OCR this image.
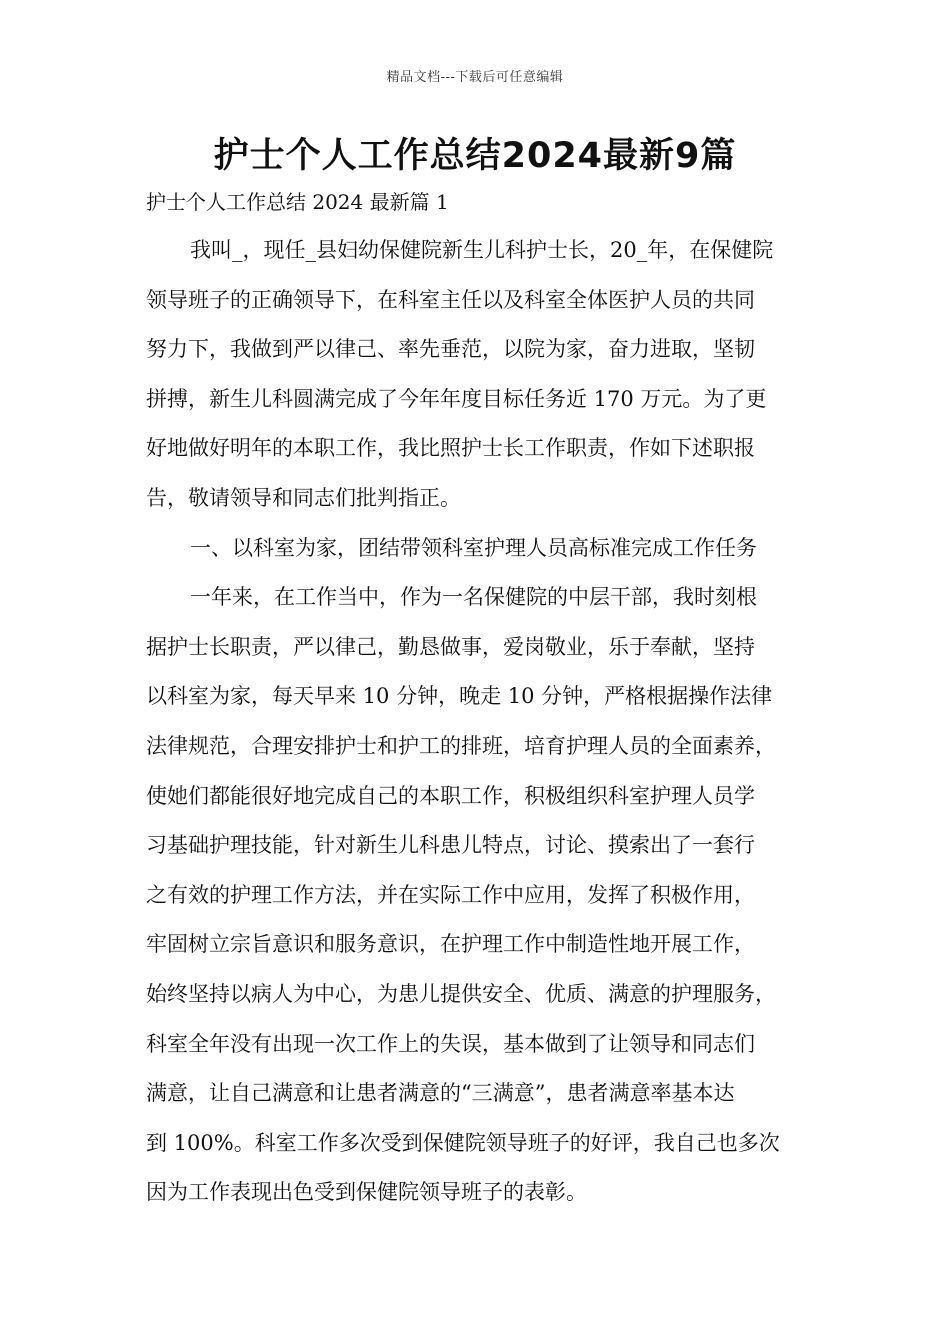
精品文档---下载后可任意编辑
护士个人工作总结2024最新9篇
护士个人工作总结 2024 最新篇 1
我叫_，现任_县妇幼保健院新生儿科护士长，20_年，在保健院
领导班子的正确领导下，在科室主任以及科室全体医护人员的共同
努力下，我做到严以律己、率先垂范，以院为家，奋力进取，坚韧
拼搏，新生儿科圆满完成了今年年度目标任务近 170 万元。为了更
好地做好明年的本职工作，我比照护士长工作职责，作如下述职报
告，敬请领导和同志们批判指正。
一、以科室为家，团结带领科室护理人员高标准完成工作任务
一年来，在工作当中，作为一名保健院的中层干部，我时刻根
据护士长职责，严以律己，勤恳做事，爱岗敬业，乐于奉献，坚持
以科室为家，每天早来 10 分钟，晚走 10 分钟，严格根据操作法律
法律规范，合理安排护士和护工的排班，培育护理人员的全面素养，
使她们都能很好地完成自己的本职工作，积极组织科室护理人员学
习基础护理技能，针对新生儿科患儿特点，讨论、摸索出了一套行
之有效的护理工作方法，并在实际工作中应用，发挥了积极作用，
牢固树立宗旨意识和服务意识，在护理工作中制造性地开展工作，
始终坚持以病人为中心，为患儿提供安全、优质、满意的护理服务，
科室全年没有出现一次工作上的失误，基本做到了让领导和同志们
满意，让自己满意和让患者满意的“三满意”，患者满意率基本达
到 100%。科室工作多次受到保健院领导班子的好评，我自己也多次
因为工作表现出色受到保健院领导班子的表彰。
